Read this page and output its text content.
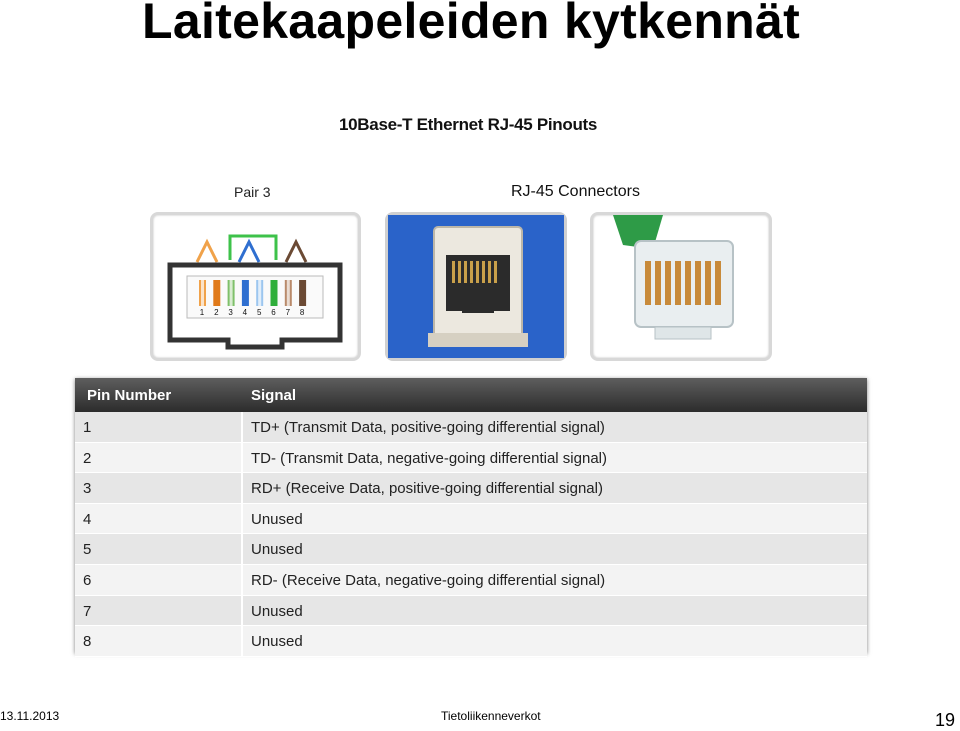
Laitekaapeleiden kytkennät
10Base-T Ethernet RJ-45 Pinouts
Pair 3	RJ-45 Connectors
1 2 3 4 5 6 7 8
Pin Number	Signal
1	TD+ (Transmit Data, positive-going differential signal)
2	TD- (Transmit Data, negative-going differential signal)
3	RD+ (Receive Data, positive-going differential signal)
4	Unused
5	Unused
6	RD- (Receive Data, negative-going differential signal)
7	Unused
8	Unused
13.11.2013	Tietoliikenneverkot	19
